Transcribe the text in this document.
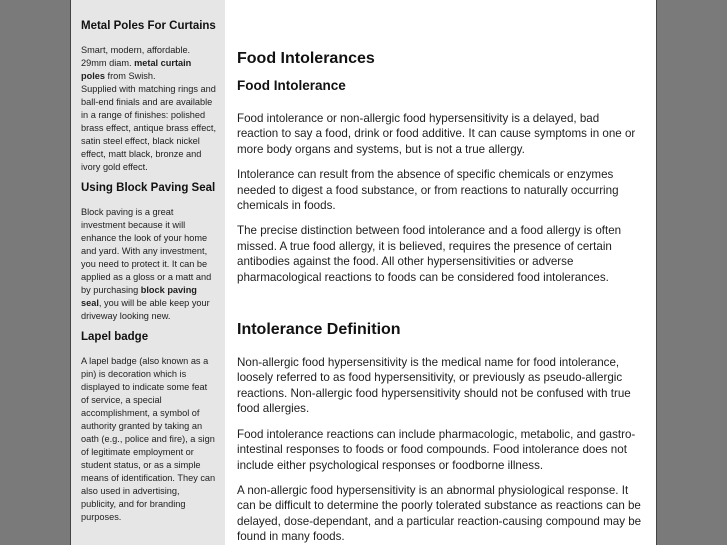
Metal Poles For Curtains

Smart, modern, affordable. 29mm diam. metal curtain poles from Swish.

Supplied with matching rings and ball-end finials and are available in a range of finishes: polished brass effect, antique brass effect, satin steel effect, black nickel effect, matt black, bronze and ivory gold effect.

Using Block Paving Seal

Block paving is a great investment because it will enhance the look of your home and yard. With any investment, you need to protect it. It can be applied as a gloss or a matt and by purchasing block paving seal, you will be able keep your driveway looking new.

Lapel badge

A lapel badge (also known as a pin) is decoration which is displayed to indicate some feat of service, a special accomplishment, a symbol of authority granted by taking an oath (e.g., police and fire), a sign of legitimate employment or student status, or as a simple means of identification. They can also used in advertising, publicity, and for branding purposes.

Food Intolerances
Food Intolerance

Food intolerance or non-allergic food hypersensitivity is a delayed, bad reaction to say a food, drink or food additive. It can cause symptoms in one or more body organs and systems, but is not a true allergy.

Intolerance can result from the absence of specific chemicals or enzymes needed to digest a food substance, or from reactions to naturally occurring chemicals in foods.

The precise distinction between food intolerance and a food allergy is often missed. A true food allergy, it is believed, requires the presence of certain antibodies against the food. All other hypersensitivities or adverse pharmacological reactions to foods can be considered food intolerances.

Intolerance Definition

Non-allergic food hypersensitivity is the medical name for food intolerance, loosely referred to as food hypersensitivity, or previously as pseudo-allergic reactions. Non-allergic food hypersensitivity should not be confused with true food allergies.

Food intolerance reactions can include pharmacologic, metabolic, and gastro-intestinal responses to foods or food compounds. Food intolerance does not include either psychological responses or foodborne illness.

A non-allergic food hypersensitivity is an abnormal physiological response. It can be difficult to determine the poorly tolerated substance as reactions can be delayed, dose-dependant, and a particular reaction-causing compound may be found in many foods.
